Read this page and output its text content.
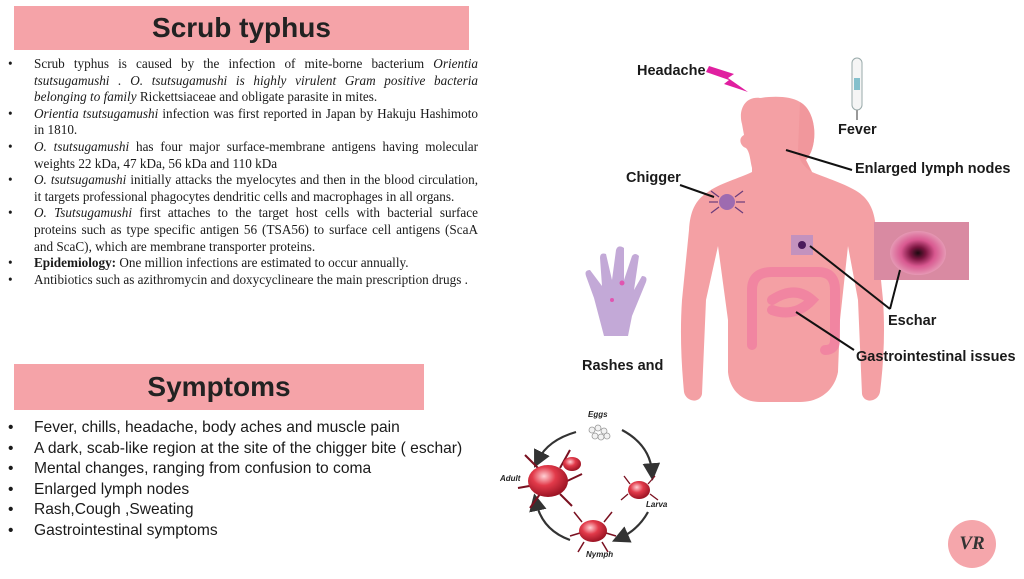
Scrub typhus
• Scrub typhus is caused by the infection of mite-borne bacterium Orientia tsutsugamushi . O. tsutsugamushi is highly virulent Gram positive bacteria belonging to family Rickettsiaceae and obligate parasite in mites.
• Orientia tsutsugamushi infection was first reported in Japan by Hakuju Hashimoto in 1810.
• O. tsutsugamushi has four major surface-membrane antigens having molecular weights 22 kDa, 47 kDa, 56 kDa and 110 kDa
• O. tsutsugamushi initially attacks the myelocytes and then in the blood circulation, it targets professional phagocytes dendritic cells and macrophages in all organs.
• O. Tsutsugamushi first attaches to the target host cells with bacterial surface proteins such as type specific antigen 56 (TSA56) to surface cell antigens (ScaA and ScaC), which are membrane transporter proteins.
• Epidemiology: One million infections are estimated to occur annually.
• Antibiotics such as azithromycin and doxycyclineare the main prescription drugs .
Symptoms
• Fever, chills, headache, body aches and muscle pain
• A dark, scab-like region at the site of the chigger bite ( eschar)
• Mental changes, ranging from confusion to coma
• Enlarged lymph nodes
• Rash,Cough ,Sweating
• Gastrointestinal symptoms
Headache
Fever
Enlarged lymph nodes
Chigger
Eschar
Rashes and
Gastrointestinal issues
Eggs
Larva
Nymph
Adult
VR
